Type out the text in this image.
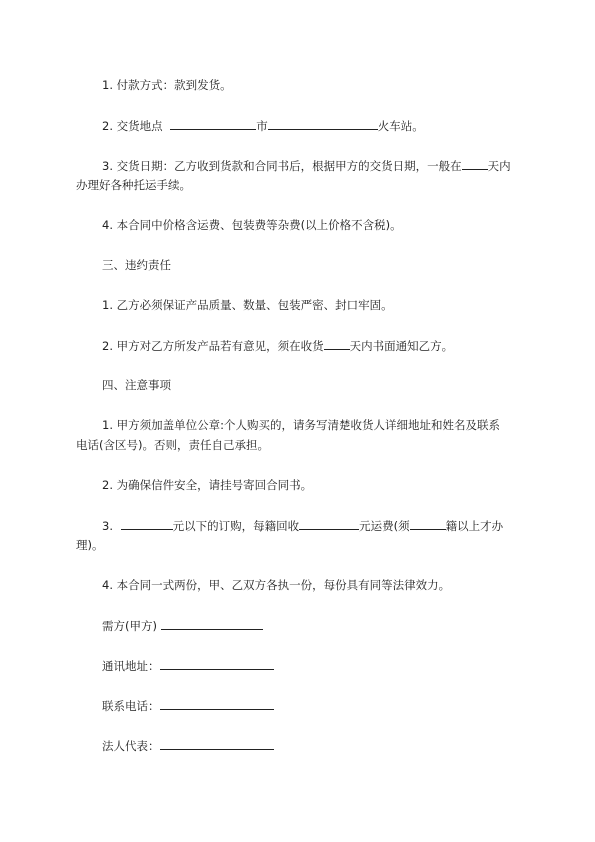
1. 付款方式：款到发货。
2. 交货地点	市	火车站。
3. 交货日期：乙方收到货款和合同书后，根据甲方的交货日期，一般在 天内
办理好各种托运手续。
4. 本合同中价格含运费、包装费等杂费(以上价格不含税)。
三、违约责任
1. 乙方必须保证产品质量、数量、包装严密、封口牢固。
2. 甲方对乙方所发产品若有意见，须在收货 天内书面通知乙方。
四、注意事项
1. 甲方须加盖单位公章:个人购买的，请务写清楚收货人详细地址和姓名及联系
电话(含区号)。否则，责任自己承担。
2. 为确保信件安全，请挂号寄回合同书。
3.	元以下的订购，每籍回收	元运费(须	籍以上才办
理)。
4. 本合同一式两份，甲、乙双方各执一份，每份具有同等法律效力。
需方(甲方)
通讯地址：
联系电话：
法人代表：
